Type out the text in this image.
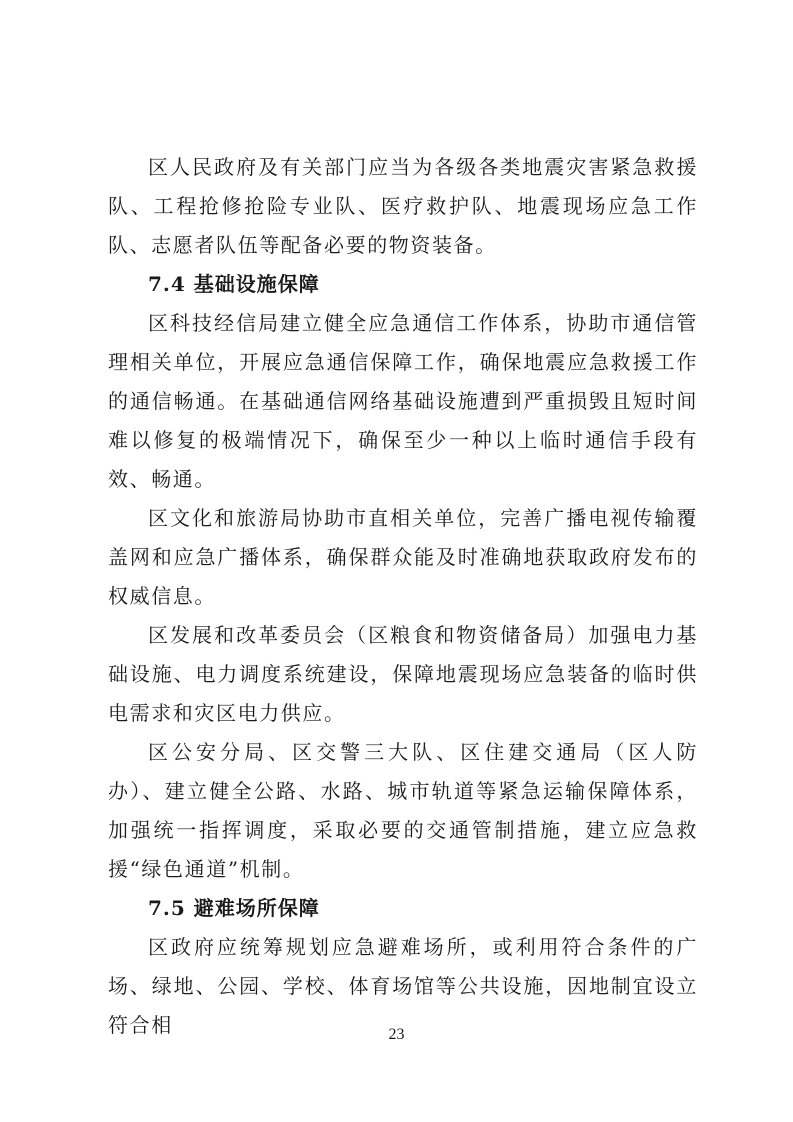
区人民政府及有关部门应当为各级各类地震灾害紧急救援队、工程抢修抢险专业队、医疗救护队、地震现场应急工作队、志愿者队伍等配备必要的物资装备。

7.4 基础设施保障

区科技经信局建立健全应急通信工作体系，协助市通信管理相关单位，开展应急通信保障工作，确保地震应急救援工作的通信畅通。在基础通信网络基础设施遭到严重损毁且短时间难以修复的极端情况下，确保至少一种以上临时通信手段有效、畅通。

区文化和旅游局协助市直相关单位，完善广播电视传输覆盖网和应急广播体系，确保群众能及时准确地获取政府发布的权威信息。

区发展和改革委员会（区粮食和物资储备局）加强电力基础设施、电力调度系统建设，保障地震现场应急装备的临时供电需求和灾区电力供应。

区公安分局、区交警三大队、区住建交通局（区人防办）、建立健全公路、水路、城市轨道等紧急运输保障体系，加强统一指挥调度，采取必要的交通管制措施，建立应急救援“绿色通道”机制。

7.5 避难场所保障

区政府应统筹规划应急避难场所，或利用符合条件的广场、绿地、公园、学校、体育场馆等公共设施，因地制宜设立符合相	23
